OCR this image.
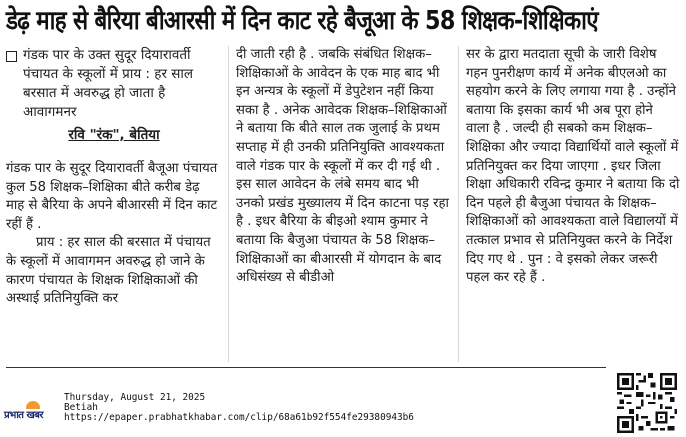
डेढ़ माह से बैरिया बीआरसी में दिन काट रहे बैजूआ के 58 शिक्षक-शिक्षिकाएं
गंडक पार के उक्त सुदूर दियारावर्ती पंचायत के स्कूलों में प्राय : हर साल बरसात में अवरुद्ध हो जाता है आवागमनर
रवि "रंक", बेतिया

गंडक पार के सुदूर दियारावर्ती बैजूआ पंचायत कुल 58 शिक्षक–शिक्षिका बीते करीब डेढ़ माह से बैरिया के अपने बीआरसी में दिन काट रहीं हैं .

प्राय : हर साल की बरसात में पंचायत के स्कूलों में आवागमन अवरुद्ध हो जाने के कारण पंचायत के शिक्षक शिक्षिकाओं की अस्थाई प्रतिनियुक्ति कर

दी जाती रही है . जबकि संबंधित शिक्षक–शिक्षिकाओं के आवेदन के एक माह बाद भी इन अन्यत्र के स्कूलों में डेपुटेशन नहीं किया सका है . अनेक आवेदक शिक्षक–शिक्षिकाओं ने बताया कि बीते साल तक जुलाई के प्रथम सप्ताह में ही उनकी प्रतिनियुक्ति आवश्यकता वाले गंडक पार के स्कूलों में कर दी गई थी . इस साल आवेदन के लंबे समय बाद भी उनको प्रखंड मुख्यालय में दिन काटना पड़ रहा है . इधर बैरिया के बीइओ श्याम कुमार ने बताया कि बैजुआ पंचायत के 58 शिक्षक–शिक्षिकाओं का बीआरसी में योगदान के बाद अधिसंख्य से बीडीओ

सर के द्वारा मतदाता सूची के जारी विशेष गहन पुनरीक्षण कार्य में अनेक बीएलओ का सहयोग करने के लिए लगाया गया है . उन्होंने बताया कि इसका कार्य भी अब पूरा होने वाला है . जल्दी ही सबको कम शिक्षक–शिक्षिका और ज्यादा विद्यार्थियों वाले स्कूलों में प्रतिनियुक्त कर दिया जाएगा . इधर जिला शिक्षा अधिकारी रविन्द्र कुमार ने बताया कि दो दिन पहले ही बैजुआ पंचायत के शिक्षक–शिक्षिकाओं को आवश्यकता वाले विद्यालयों में तत्काल प्रभाव से प्रतिनियुक्त करने के निर्देश दिए गए थे . पुन : वे इसको लेकर जरूरी पहल कर रहे हैं .

प्रभात खबर
Thursday, August 21, 2025
Betiah
https://epaper.prabhatkhabar.com/clip/68a61b92f554fe29380943b6
